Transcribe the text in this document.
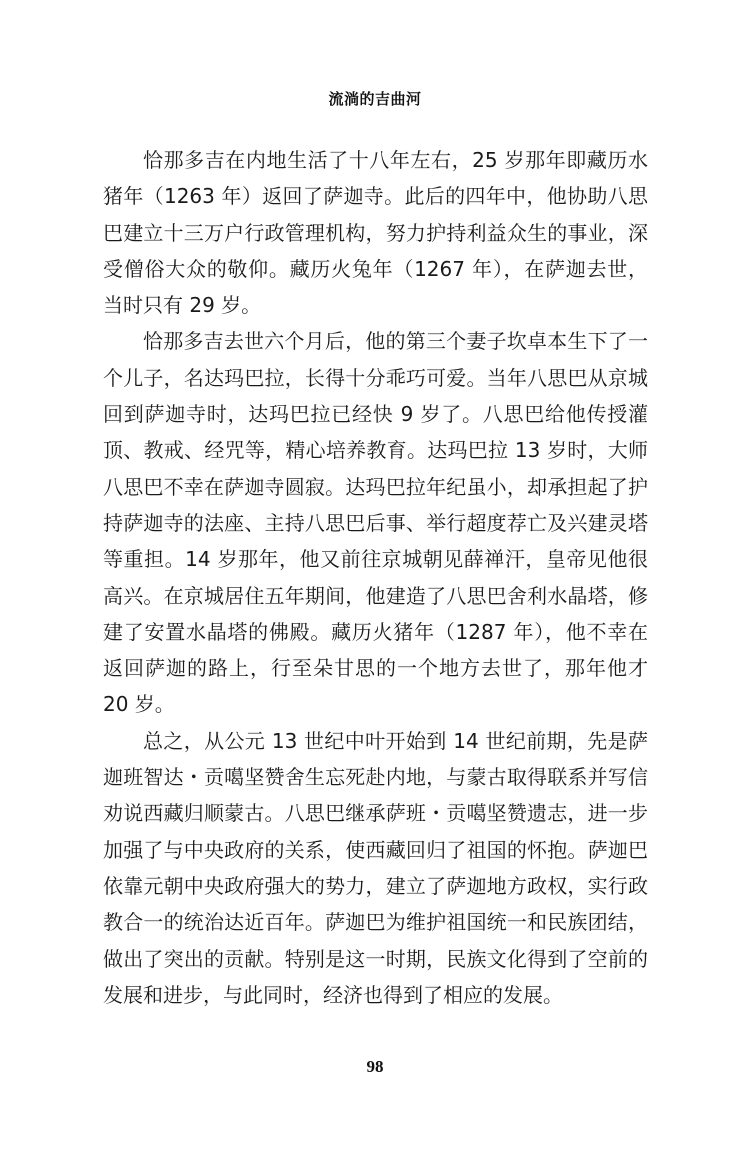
流淌的吉曲河

恰那多吉在内地生活了十八年左右，25 岁那年即藏历水猪年（1263 年）返回了萨迦寺。此后的四年中，他协助八思巴建立十三万户行政管理机构，努力护持利益众生的事业，深受僧俗大众的敬仰。藏历火兔年（1267 年），在萨迦去世，当时只有 29 岁。

恰那多吉去世六个月后，他的第三个妻子坎卓本生下了一个儿子，名达玛巴拉，长得十分乖巧可爱。当年八思巴从京城回到萨迦寺时，达玛巴拉已经快 9 岁了。八思巴给他传授灌顶、教戒、经咒等，精心培养教育。达玛巴拉 13 岁时，大师八思巴不幸在萨迦寺圆寂。达玛巴拉年纪虽小，却承担起了护持萨迦寺的法座、主持八思巴后事、举行超度荐亡及兴建灵塔等重担。14 岁那年，他又前往京城朝见薛禅汗，皇帝见他很高兴。在京城居住五年期间，他建造了八思巴舍利水晶塔，修建了安置水晶塔的佛殿。藏历火猪年（1287 年），他不幸在返回萨迦的路上，行至朵甘思的一个地方去世了，那年他才 20 岁。

总之，从公元 13 世纪中叶开始到 14 世纪前期，先是萨迦班智达・贡噶坚赞舍生忘死赴内地，与蒙古取得联系并写信劝说西藏归顺蒙古。八思巴继承萨班・贡噶坚赞遗志，进一步加强了与中央政府的关系，使西藏回归了祖国的怀抱。萨迦巴依靠元朝中央政府强大的势力，建立了萨迦地方政权，实行政教合一的统治达近百年。萨迦巴为维护祖国统一和民族团结，做出了突出的贡献。特别是这一时期，民族文化得到了空前的发展和进步，与此同时，经济也得到了相应的发展。

98
